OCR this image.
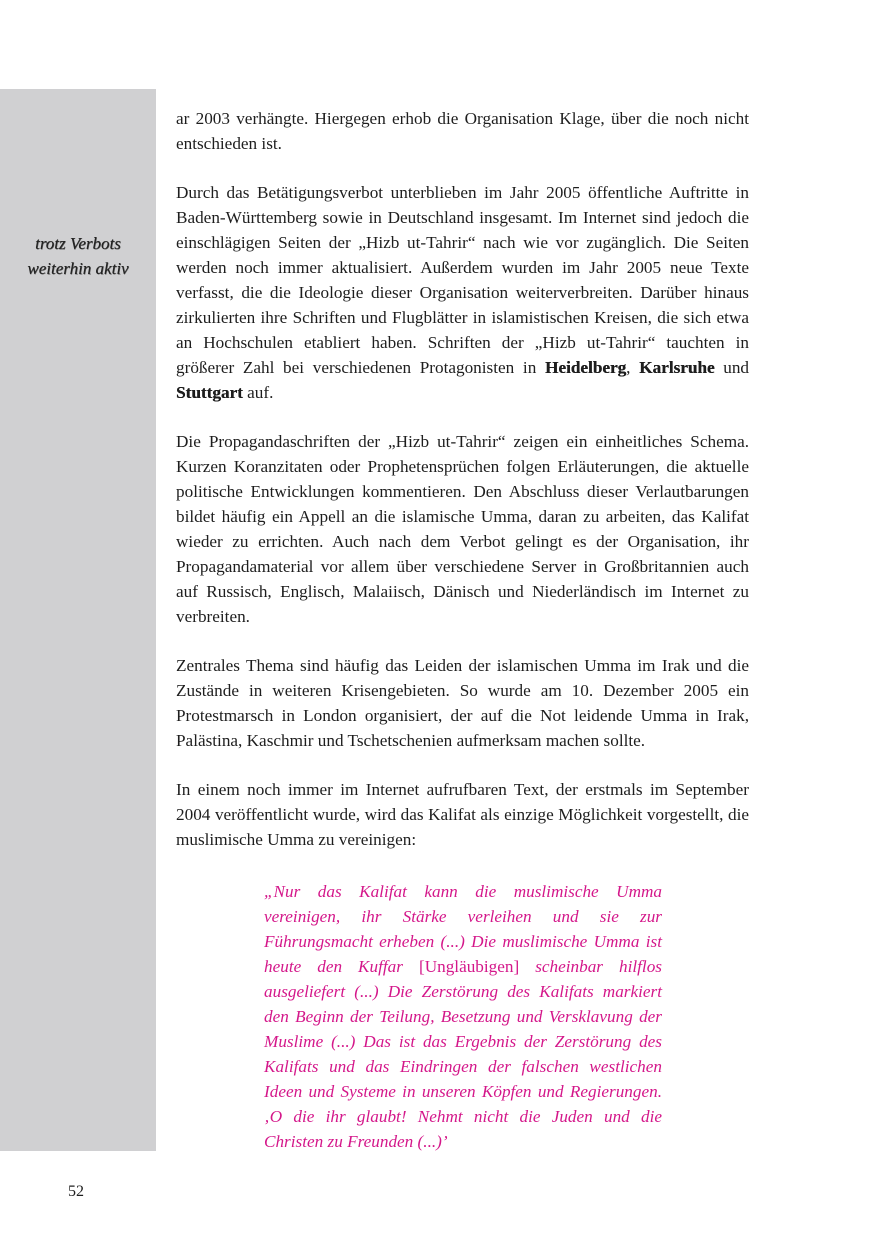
trotz Verbots
weiterhin aktiv

ar 2003 verhängte. Hiergegen erhob die Organisation Klage, über die noch nicht entschieden ist.

Durch das Betätigungsverbot unterblieben im Jahr 2005 öffentliche Auftritte in Baden-Württemberg sowie in Deutschland insgesamt. Im Internet sind jedoch die einschlägigen Seiten der „Hizb ut-Tahrir“ nach wie vor zugänglich. Die Seiten werden noch immer aktualisiert. Außerdem wurden im Jahr 2005 neue Texte verfasst, die die Ideologie dieser Organisation weiterverbreiten. Darüber hinaus zirkulierten ihre Schriften und Flugblätter in islamistischen Kreisen, die sich etwa an Hochschulen etabliert haben. Schriften der „Hizb ut-Tahrir“ tauchten in größerer Zahl bei verschiedenen Protagonisten in Heidelberg, Karlsruhe und Stuttgart auf.

Die Propagandaschriften der „Hizb ut-Tahrir“ zeigen ein einheitliches Schema. Kurzen Koranzitaten oder Prophetensprüchen folgen Erläuterungen, die aktuelle politische Entwicklungen kommentieren. Den Abschluss dieser Verlautbarungen bildet häufig ein Appell an die islamische Umma, daran zu arbeiten, das Kalifat wieder zu errichten. Auch nach dem Verbot gelingt es der Organisation, ihr Propagandamaterial vor allem über verschiedene Server in Großbritannien auch auf Russisch, Englisch, Malaiisch, Dänisch und Niederländisch im Internet zu verbreiten.

Zentrales Thema sind häufig das Leiden der islamischen Umma im Irak und die Zustände in weiteren Krisengebieten. So wurde am 10. Dezember 2005 ein Protestmarsch in London organisiert, der auf die Not leidende Umma in Irak, Palästina, Kaschmir und Tschetschenien aufmerksam machen sollte.

In einem noch immer im Internet aufrufbaren Text, der erstmals im September 2004 veröffentlicht wurde, wird das Kalifat als einzige Möglichkeit vorgestellt, die muslimische Umma zu vereinigen:

„Nur das Kalifat kann die muslimische Umma vereinigen, ihr Stärke verleihen und sie zur Führungsmacht erheben (...) Die muslimische Umma ist heute den Kuffar [Ungläubigen] scheinbar hilflos ausgeliefert (...) Die Zerstörung des Kalifats markiert den Beginn der Teilung, Besetzung und Versklavung der Muslime (...) Das ist das Ergebnis der Zerstörung des Kalifats und das Eindringen der falschen westlichen Ideen und Systeme in unseren Köpfen und Regierungen. ‚O die ihr glaubt! Nehmt nicht die Juden und die Christen zu Freunden (...)’

52
